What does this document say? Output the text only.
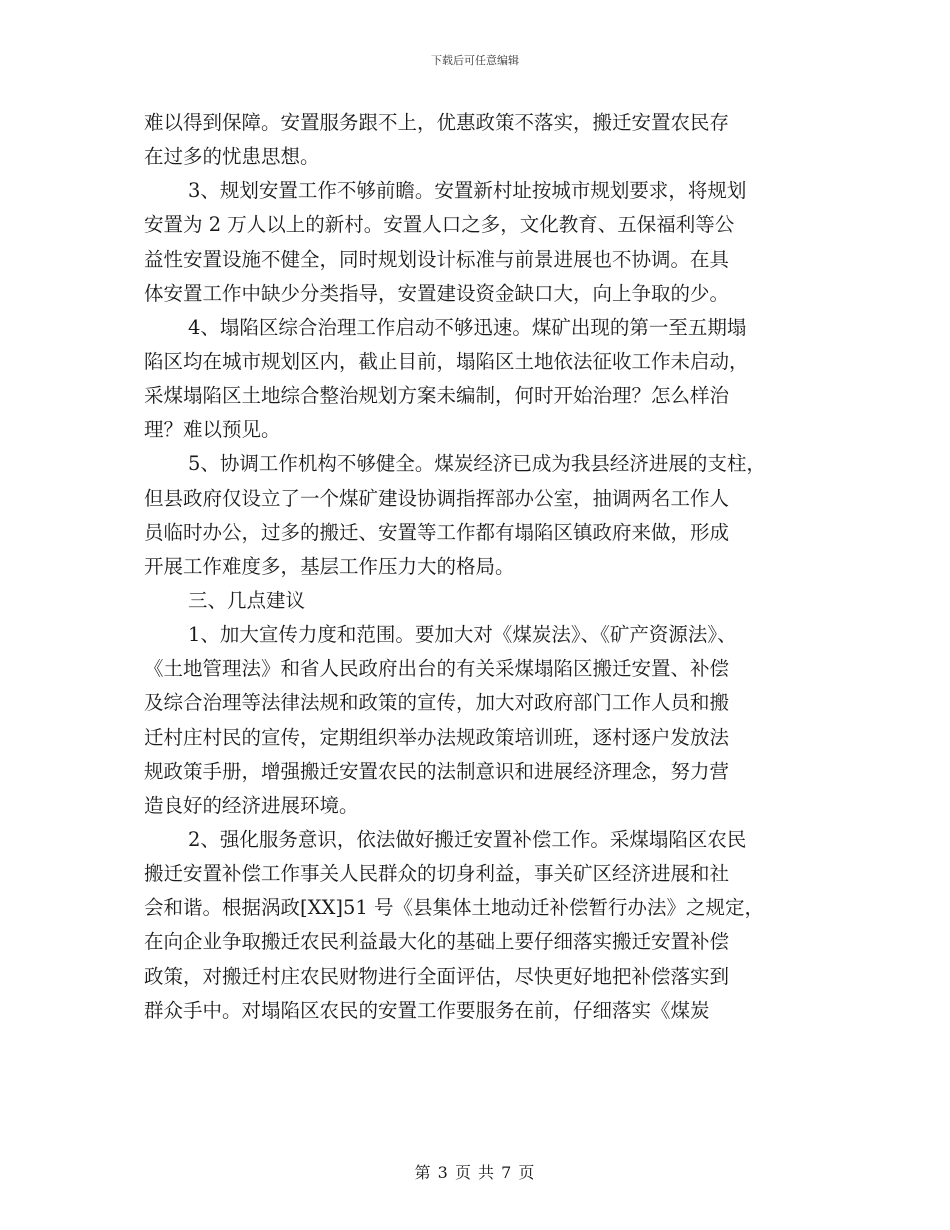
下载后可任意编辑
难以得到保障。安置服务跟不上，优惠政策不落实，搬迁安置农民存
在过多的忧患思想。
3、规划安置工作不够前瞻。安置新村址按城市规划要求，将规划
安置为 2 万人以上的新村。安置人口之多，文化教育、五保福利等公
益性安置设施不健全，同时规划设计标准与前景进展也不协调。在具
体安置工作中缺少分类指导，安置建设资金缺口大，向上争取的少。
4、塌陷区综合治理工作启动不够迅速。煤矿出现的第一至五期塌
陷区均在城市规划区内，截止目前，塌陷区土地依法征收工作未启动，
采煤塌陷区土地综合整治规划方案未编制，何时开始治理？怎么样治
理？难以预见。
5、协调工作机构不够健全。煤炭经济已成为我县经济进展的支柱，
但县政府仅设立了一个煤矿建设协调指挥部办公室，抽调两名工作人
员临时办公，过多的搬迁、安置等工作都有塌陷区镇政府来做，形成
开展工作难度多，基层工作压力大的格局。
三、几点建议
1、加大宣传力度和范围。要加大对《煤炭法》、《矿产资源法》、
《土地管理法》和省人民政府出台的有关采煤塌陷区搬迁安置、补偿
及综合治理等法律法规和政策的宣传，加大对政府部门工作人员和搬
迁村庄村民的宣传，定期组织举办法规政策培训班，逐村逐户发放法
规政策手册，增强搬迁安置农民的法制意识和进展经济理念，努力营
造良好的经济进展环境。
2、强化服务意识，依法做好搬迁安置补偿工作。采煤塌陷区农民
搬迁安置补偿工作事关人民群众的切身利益，事关矿区经济进展和社
会和谐。根据涡政[XX]51 号《县集体土地动迁补偿暂行办法》之规定，
在向企业争取搬迁农民利益最大化的基础上要仔细落实搬迁安置补偿
政策，对搬迁村庄农民财物进行全面评估，尽快更好地把补偿落实到
群众手中。对塌陷区农民的安置工作要服务在前，仔细落实《煤炭
第 3 页 共 7 页
